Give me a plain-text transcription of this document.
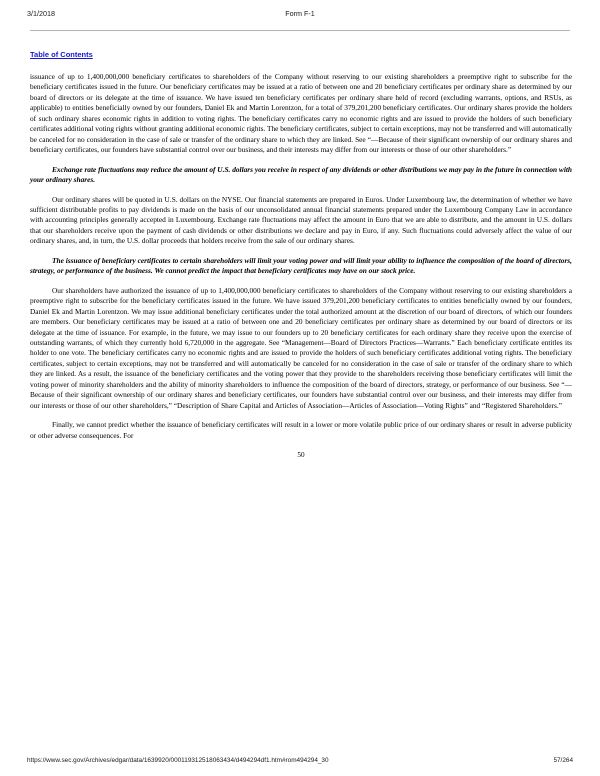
3/1/2018	Form F-1
Table of Contents

issuance of up to 1,400,000,000 beneficiary certificates to shareholders of the Company without reserving to our existing shareholders a preemptive right to subscribe for the beneficiary certificates issued in the future. Our beneficiary certificates may be issued at a ratio of between one and 20 beneficiary certificates per ordinary share as determined by our board of directors or its delegate at the time of issuance. We have issued ten beneficiary certificates per ordinary share held of record (excluding warrants, options, and RSUs, as applicable) to entities beneficially owned by our founders, Daniel Ek and Martin Lorentzon, for a total of 379,201,200 beneficiary certificates. Our ordinary shares provide the holders of such ordinary shares economic rights in addition to voting rights. The beneficiary certificates carry no economic rights and are issued to provide the holders of such beneficiary certificates additional voting rights without granting additional economic rights. The beneficiary certificates, subject to certain exceptions, may not be transferred and will automatically be canceled for no consideration in the case of sale or transfer of the ordinary share to which they are linked. See “—Because of their significant ownership of our ordinary shares and beneficiary certificates, our founders have substantial control over our business, and their interests may differ from our interests or those of our other shareholders.”

Exchange rate fluctuations may reduce the amount of U.S. dollars you receive in respect of any dividends or other distributions we may pay in the future in connection with your ordinary shares.

Our ordinary shares will be quoted in U.S. dollars on the NYSE. Our financial statements are prepared in Euros. Under Luxembourg law, the determination of whether we have sufficient distributable profits to pay dividends is made on the basis of our unconsolidated annual financial statements prepared under the Luxembourg Company Law in accordance with accounting principles generally accepted in Luxembourg. Exchange rate fluctuations may affect the amount in Euro that we are able to distribute, and the amount in U.S. dollars that our shareholders receive upon the payment of cash dividends or other distributions we declare and pay in Euro, if any. Such fluctuations could adversely affect the value of our ordinary shares, and, in turn, the U.S. dollar proceeds that holders receive from the sale of our ordinary shares.

The issuance of beneficiary certificates to certain shareholders will limit your voting power and will limit your ability to influence the composition of the board of directors, strategy, or performance of the business. We cannot predict the impact that beneficiary certificates may have on our stock price.

Our shareholders have authorized the issuance of up to 1,400,000,000 beneficiary certificates to shareholders of the Company without reserving to our existing shareholders a preemptive right to subscribe for the beneficiary certificates issued in the future. We have issued 379,201,200 beneficiary certificates to entities beneficially owned by our founders, Daniel Ek and Martin Lorentzon. We may issue additional beneficiary certificates under the total authorized amount at the discretion of our board of directors, of which our founders are members. Our beneficiary certificates may be issued at a ratio of between one and 20 beneficiary certificates per ordinary share as determined by our board of directors or its delegate at the time of issuance. For example, in the future, we may issue to our founders up to 20 beneficiary certificates for each ordinary share they receive upon the exercise of outstanding warrants, of which they currently hold 6,720,000 in the aggregate. See “Management—Board of Directors Practices—Warrants.” Each beneficiary certificate entitles its holder to one vote. The beneficiary certificates carry no economic rights and are issued to provide the holders of such beneficiary certificates additional voting rights. The beneficiary certificates, subject to certain exceptions, may not be transferred and will automatically be canceled for no consideration in the case of sale or transfer of the ordinary share to which they are linked. As a result, the issuance of the beneficiary certificates and the voting power that they provide to the shareholders receiving those beneficiary certificates will limit the voting power of minority shareholders and the ability of minority shareholders to influence the composition of the board of directors, strategy, or performance of our business. See “—Because of their significant ownership of our ordinary shares and beneficiary certificates, our founders have substantial control over our business, and their interests may differ from our interests or those of our other shareholders,” “Description of Share Capital and Articles of Association—Articles of Association—Voting Rights” and “Registered Shareholders.”

Finally, we cannot predict whether the issuance of beneficiary certificates will result in a lower or more volatile public price of our ordinary shares or result in adverse publicity or other adverse consequences. For

50
https://www.sec.gov/Archives/edgar/data/1639920/000119312518063434/d494294df1.htm#rom494294_30	57/264
